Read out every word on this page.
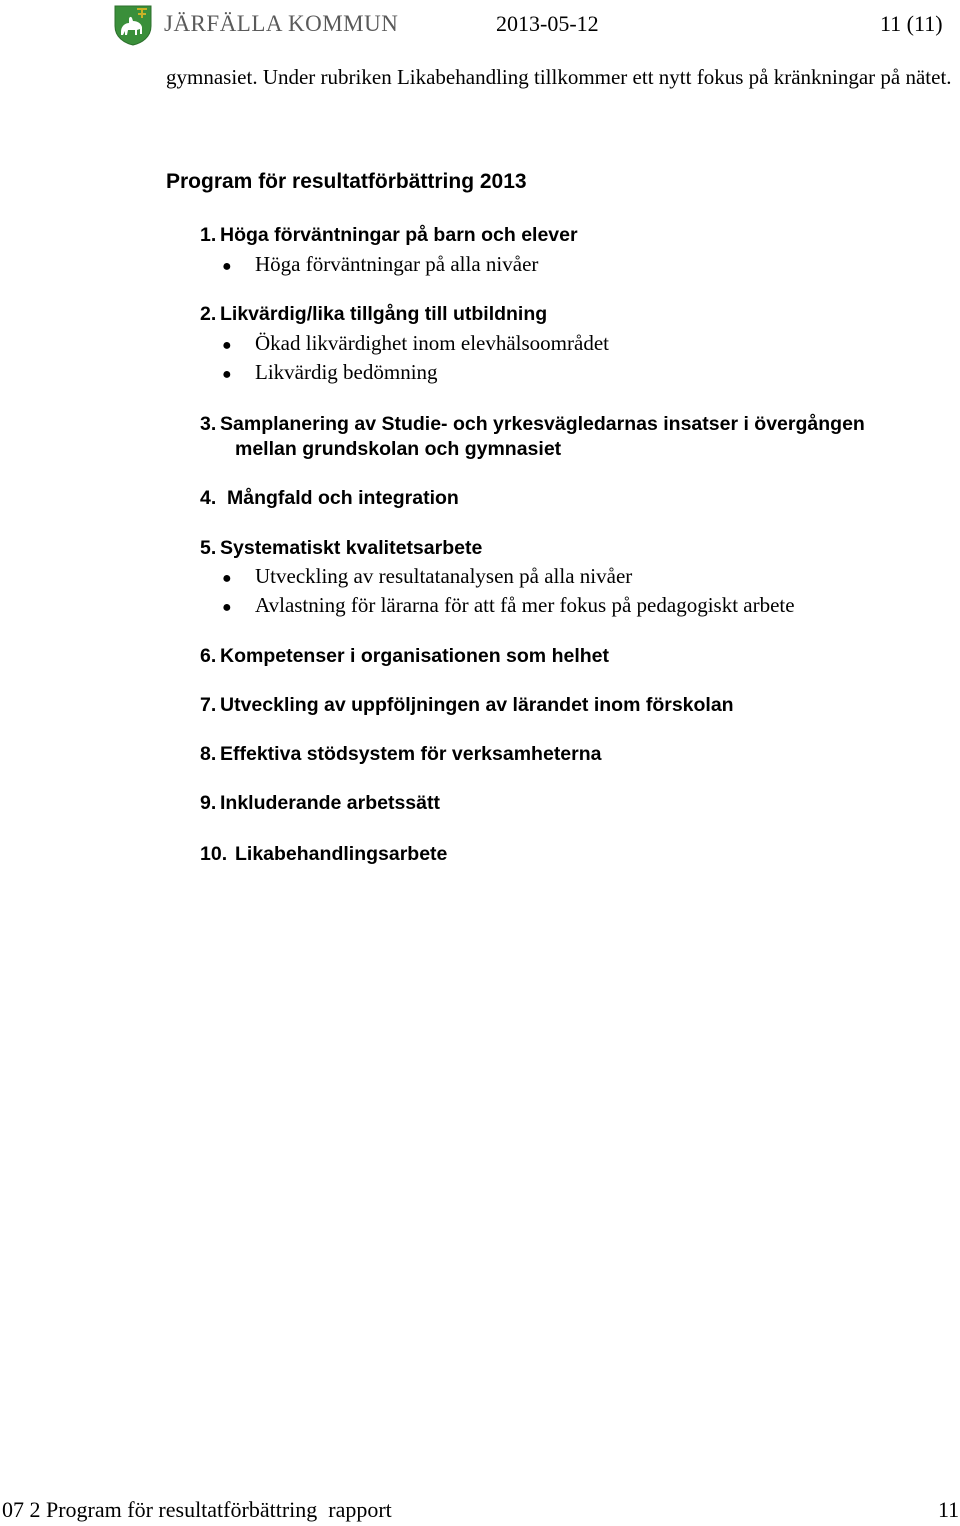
JÄRFÄLLA KOMMUN	2013-05-12	11 (11)
gymnasiet. Under rubriken Likabehandling tillkommer ett nytt fokus på kränkningar på nätet.
Program för resultatförbättring 2013
1. Höga förväntningar på barn och elever
● Höga förväntningar på alla nivåer
2. Likvärdig/lika tillgång till utbildning
● Ökad likvärdighet inom elevhälsoområdet
● Likvärdig bedömning
3. Samplanering av Studie- och yrkesvägledarnas insatser i övergången
mellan grundskolan och gymnasiet
4. Mångfald och integration
5. Systematiskt kvalitetsarbete
● Utveckling av resultatanalysen på alla nivåer
● Avlastning för lärarna för att få mer fokus på pedagogiskt arbete
6. Kompetenser i organisationen som helhet
7. Utveckling av uppföljningen av lärandet inom förskolan
8. Effektiva stödsystem för verksamheterna
9. Inkluderande arbetssätt
10. Likabehandlingsarbete
07 2 Program för resultatförbättring  rapport	11
